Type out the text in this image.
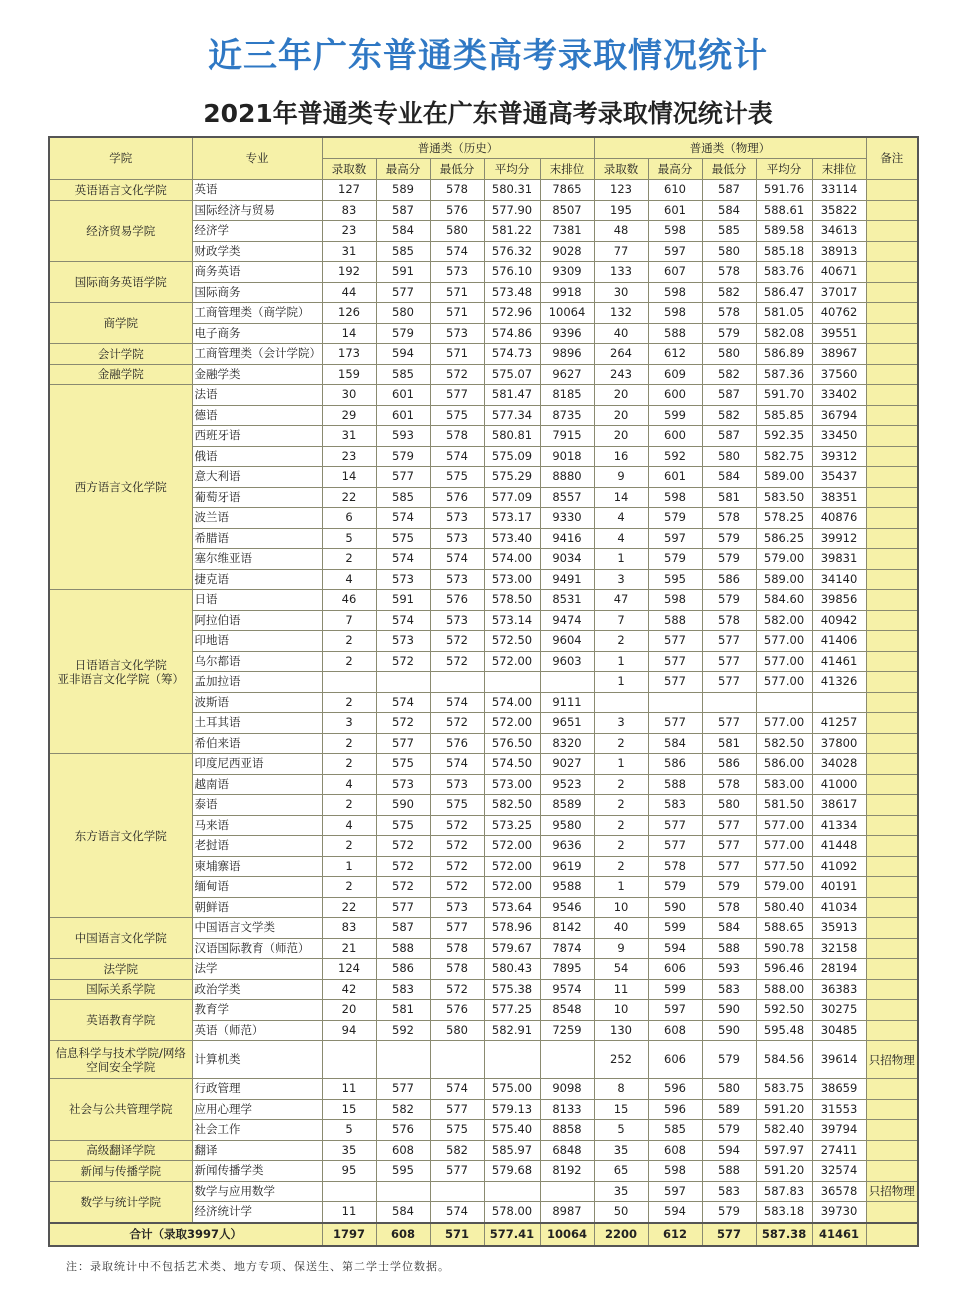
近三年广东普通类高考录取情况统计
2021年普通类专业在广东普通高考录取情况统计表
学院	专业	普通类（历史）					普通类（物理）					备注
		录取数	最高分	最低分	平均分	末排位	录取数	最高分	最低分	平均分	末排位	
英语语言文化学院	英语	127	589	578	580.31	7865	123	610	587	591.76	33114	
经济贸易学院	国际经济与贸易	83	587	576	577.90	8507	195	601	584	588.61	35822	
	经济学	23	584	580	581.22	7381	48	598	585	589.58	34613	
	财政学类	31	585	574	576.32	9028	77	597	580	585.18	38913	
国际商务英语学院	商务英语	192	591	573	576.10	9309	133	607	578	583.76	40671	
	国际商务	44	577	571	573.48	9918	30	598	582	586.47	37017	
商学院	工商管理类（商学院）	126	580	571	572.96	10064	132	598	578	581.05	40762	
	电子商务	14	579	573	574.86	9396	40	588	579	582.08	39551	
会计学院	工商管理类（会计学院）	173	594	571	574.73	9896	264	612	580	586.89	38967	
金融学院	金融学类	159	585	572	575.07	9627	243	609	582	587.36	37560	
西方语言文化学院	法语	30	601	577	581.47	8185	20	600	587	591.70	33402	
	德语	29	601	575	577.34	8735	20	599	582	585.85	36794	
	西班牙语	31	593	578	580.81	7915	20	600	587	592.35	33450	
	俄语	23	579	574	575.09	9018	16	592	580	582.75	39312	
	意大利语	14	577	575	575.29	8880	9	601	584	589.00	35437	
	葡萄牙语	22	585	576	577.09	8557	14	598	581	583.50	38351	
	波兰语	6	574	573	573.17	9330	4	579	578	578.25	40876	
	希腊语	5	575	573	573.40	9416	4	597	579	586.25	39912	
	塞尔维亚语	2	574	574	574.00	9034	1	579	579	579.00	39831	
	捷克语	4	573	573	573.00	9491	3	595	586	589.00	34140	
日语语言文化学院
亚非语言文化学院（筹）	日语	46	591	576	578.50	8531	47	598	579	584.60	39856	
	阿拉伯语	7	574	573	573.14	9474	7	588	578	582.00	40942	
	印地语	2	573	572	572.50	9604	2	577	577	577.00	41406	
	乌尔都语	2	572	572	572.00	9603	1	577	577	577.00	41461	
	孟加拉语						1	577	577	577.00	41326	
	波斯语	2	574	574	574.00	9111						
	土耳其语	3	572	572	572.00	9651	3	577	577	577.00	41257	
	希伯来语	2	577	576	576.50	8320	2	584	581	582.50	37800	
东方语言文化学院	印度尼西亚语	2	575	574	574.50	9027	1	586	586	586.00	34028	
	越南语	4	573	573	573.00	9523	2	588	578	583.00	41000	
	泰语	2	590	575	582.50	8589	2	583	580	581.50	38617	
	马来语	4	575	572	573.25	9580	2	577	577	577.00	41334	
	老挝语	2	572	572	572.00	9636	2	577	577	577.00	41448	
	柬埔寨语	1	572	572	572.00	9619	2	578	577	577.50	41092	
	缅甸语	2	572	572	572.00	9588	1	579	579	579.00	40191	
	朝鲜语	22	577	573	573.64	9546	10	590	578	580.40	41034	
中国语言文化学院	中国语言文学类	83	587	577	578.96	8142	40	599	584	588.65	35913	
	汉语国际教育（师范）	21	588	578	579.67	7874	9	594	588	590.78	32158	
法学院	法学	124	586	578	580.43	7895	54	606	593	596.46	28194	
国际关系学院	政治学类	42	583	572	575.38	9574	11	599	583	588.00	36383	
英语教育学院	教育学	20	581	576	577.25	8548	10	597	590	592.50	30275	
	英语（师范）	94	592	580	582.91	7259	130	608	590	595.48	30485	
信息科学与技术学院/网络空间安全学院	计算机类						252	606	579	584.56	39614	只招物理
社会与公共管理学院	行政管理	11	577	574	575.00	9098	8	596	580	583.75	38659	
	应用心理学	15	582	577	579.13	8133	15	596	589	591.20	31553	
	社会工作	5	576	575	575.40	8858	5	585	579	582.40	39794	
高级翻译学院	翻译	35	608	582	585.97	6848	35	608	594	597.97	27411	
新闻与传播学院	新闻传播学类	95	595	577	579.68	8192	65	598	588	591.20	32574	
数学与统计学院	数学与应用数学						35	597	583	587.83	36578	只招物理
	经济统计学	11	584	574	578.00	8987	50	594	579	583.18	39730	
合计（录取3997人）		1797	608	571	577.41	10064	2200	612	577	587.38	41461	
注：录取统计中不包括艺术类、地方专项、保送生、第二学士学位数据。
